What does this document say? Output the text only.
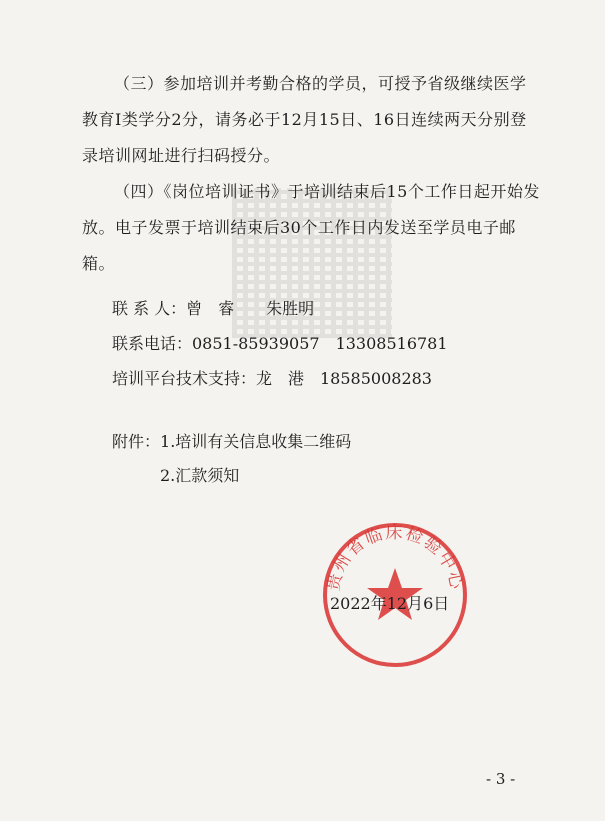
（三）参加培训并考勤合格的学员，可授予省级继续医学教育Ⅰ类学分2分，请务必于12月15日、16日连续两天分别登录培训网址进行扫码授分。

（四）《岗位培训证书》于培训结束后15个工作日起开始发放。电子发票于培训结束后30个工作日内发送至学员电子邮箱。

联 系 人：曾　睿　　朱胜明

联系电话：0851-85939057　13308516781

培训平台技术支持：龙　港　18585008283

附件：1.培训有关信息收集二维码

2.汇款须知

贵州省临床检验中心

2022年12月6日

- 3 -
